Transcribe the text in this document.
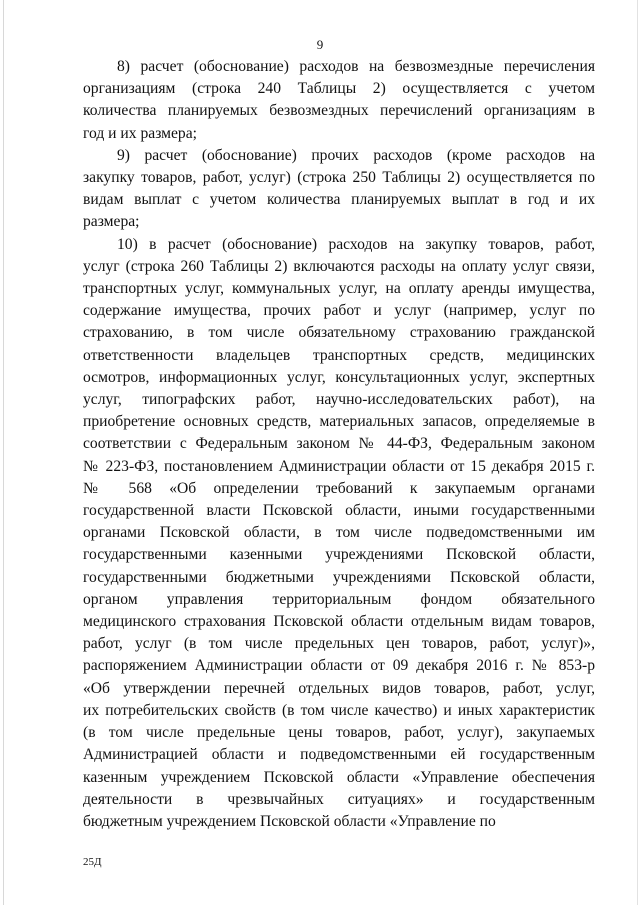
9
8) расчет (обоснование) расходов на безвозмездные перечисления
организациям (строка 240 Таблицы 2) осуществляется с учетом
количества планируемых безвозмездных перечислений организациям в
год и их размера;
9) расчет (обоснование) прочих расходов (кроме расходов на
закупку товаров, работ, услуг) (строка 250 Таблицы 2) осуществляется по
видам выплат с учетом количества планируемых выплат в год и их
размера;
10) в расчет (обоснование) расходов на закупку товаров, работ,
услуг (строка 260 Таблицы 2) включаются расходы на оплату услуг связи,
транспортных услуг, коммунальных услуг, на оплату аренды имущества,
содержание имущества, прочих работ и услуг (например, услуг по
страхованию, в том числе обязательному страхованию гражданской
ответственности владельцев транспортных средств, медицинских
осмотров, информационных услуг, консультационных услуг, экспертных
услуг, типографских работ, научно-исследовательских работ), на
приобретение основных средств, материальных запасов, определяемые в
соответствии с Федеральным законом № 44-ФЗ, Федеральным законом
№ 223-ФЗ, постановлением Администрации области от 15 декабря 2015 г.
№ 568 «Об определении требований к закупаемым органами
государственной власти Псковской области, иными государственными
органами Псковской области, в том числе подведомственными им
государственными казенными учреждениями Псковской области,
государственными бюджетными учреждениями Псковской области,
органом управления территориальным фондом обязательного
медицинского страхования Псковской области отдельным видам товаров,
работ, услуг (в том числе предельных цен товаров, работ, услуг)»,
распоряжением Администрации области от 09 декабря 2016 г. № 853-р
«Об утверждении перечней отдельных видов товаров, работ, услуг,
их потребительских свойств (в том числе качество) и иных характеристик
(в том числе предельные цены товаров, работ, услуг), закупаемых
Администрацией области и подведомственными ей государственным
казенным учреждением Псковской области «Управление обеспечения
деятельности в чрезвычайных ситуациях» и государственным
бюджетным учреждением Псковской области «Управление по
25Д
